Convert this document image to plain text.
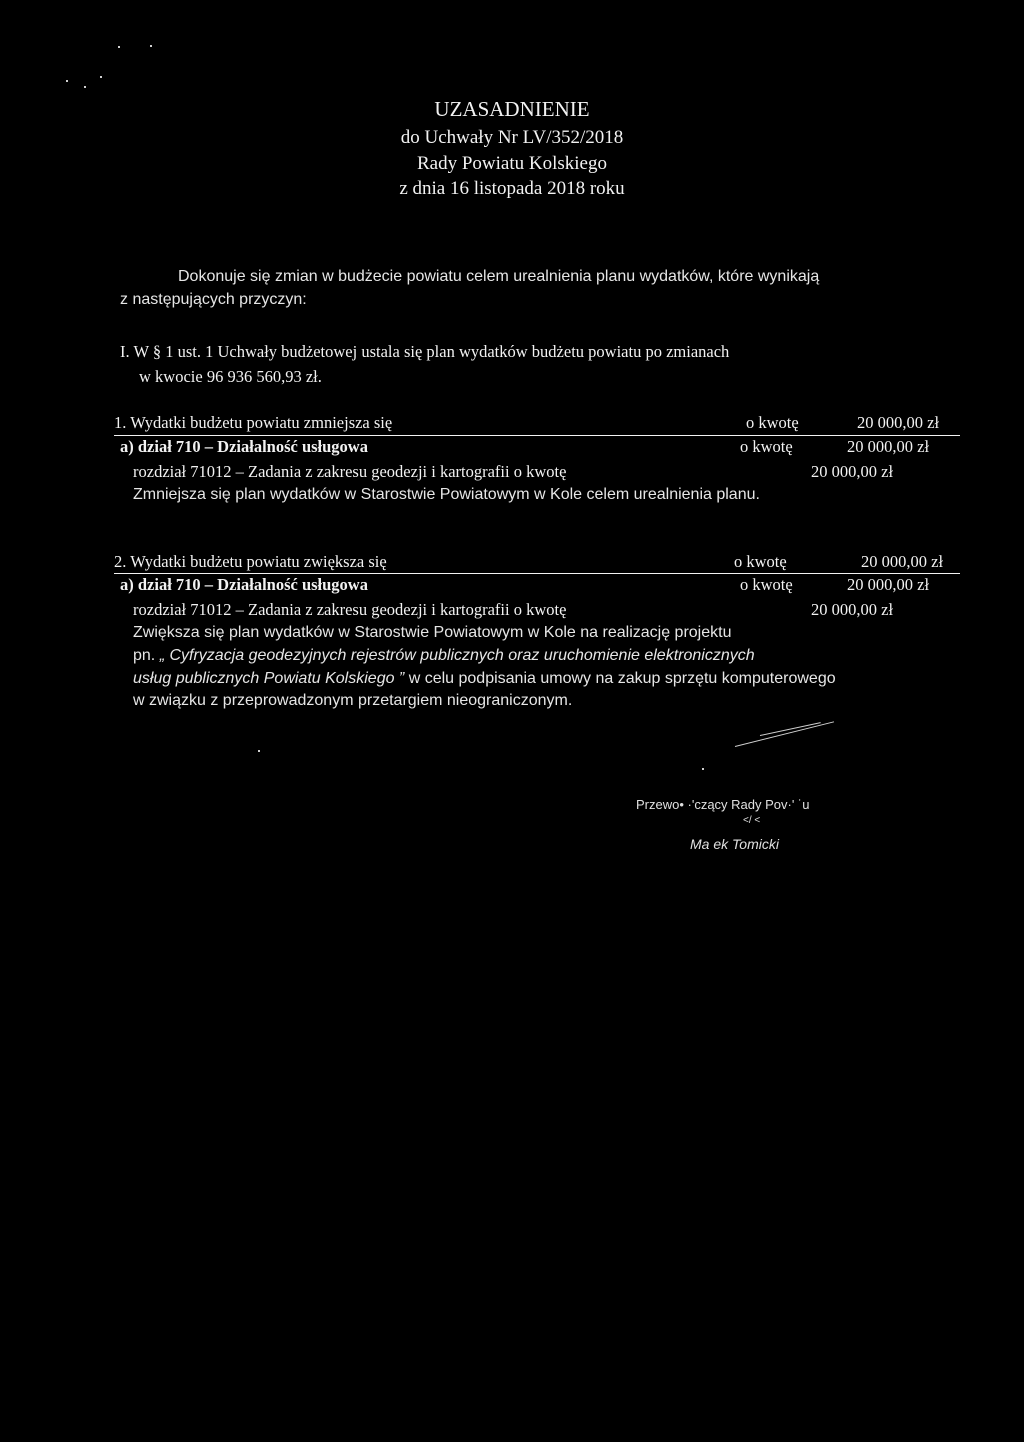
UZASADNIENIE
do Uchwały Nr LV/352/2018
Rady Powiatu Kolskiego
z dnia 16 listopada 2018 roku
Dokonuje się zmian w budżecie powiatu celem urealnienia planu wydatków, które wynikają
z następujących przyczyn:
I. W § 1 ust. 1 Uchwały budżetowej ustala się plan wydatków budżetu powiatu po zmianach
w kwocie 96 936 560,93 zł.
1. Wydatki budżetu powiatu zmniejsza się	o kwotę	20 000,00 zł
a) dział 710 – Działalność usługowa	o kwotę	20 000,00 zł
rozdział 71012 – Zadania z zakresu geodezji i kartografii o kwotę	20 000,00 zł
Zmniejsza się plan wydatków w Starostwie Powiatowym w Kole celem urealnienia planu.
2. Wydatki budżetu powiatu zwiększa się	o kwotę	20 000,00 zł
a) dział 710 – Działalność usługowa	o kwotę	20 000,00 zł
rozdział 71012 – Zadania z zakresu geodezji i kartografii o kwotę	20 000,00 zł
Zwiększa się plan wydatków w Starostwie Powiatowym w Kole na realizację projektu
pn. „ Cyfryzacja geodezyjnych rejestrów publicznych oraz uruchomienie elektronicznych
usług publicznych Powiatu Kolskiego ” w celu podpisania umowy na zakup sprzętu komputerowego
w związku z przeprowadzonym przetargiem nieograniczonym.
Przewo• ·'czący Rady Pov·' ˙u
˂/ ˂
Ma ek Tomicki
